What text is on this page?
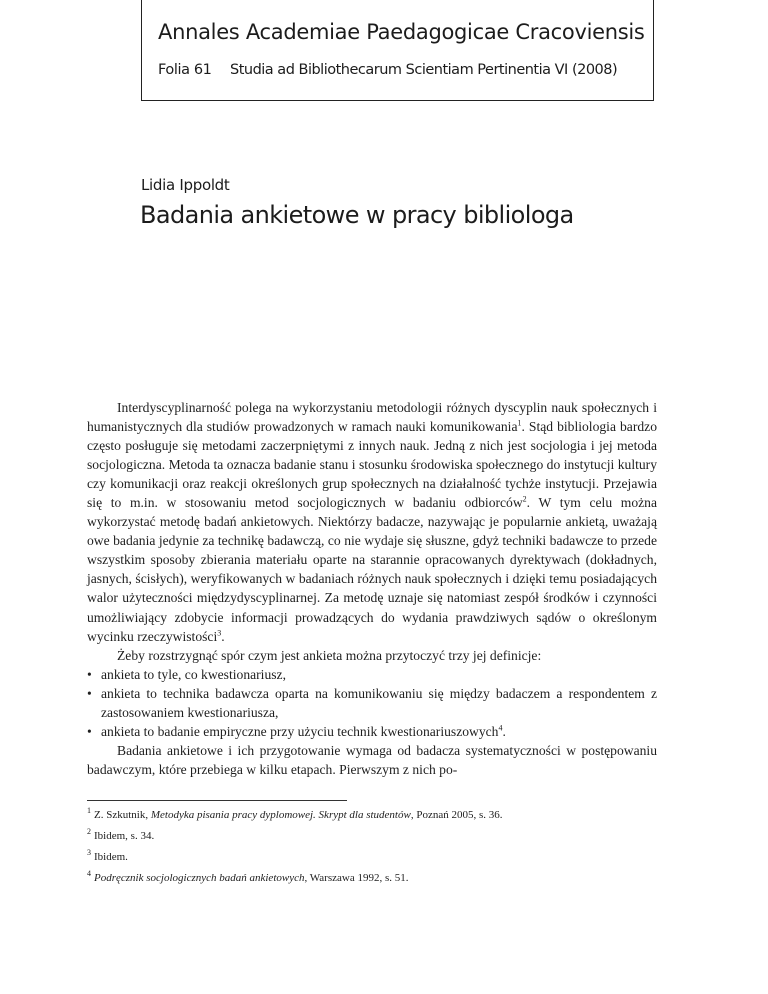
Annales Academiae Paedagogicae Cracoviensis
Folia 61 Studia ad Bibliothecarum Scientiam Pertinentia VI (2008)
Lidia Ippoldt
Badania ankietowe w pracy bibliologa

Interdyscyplinarność polega na wykorzystaniu metodologii różnych dyscyplin nauk społecznych i humanistycznych dla studiów prowadzonych w ramach nauki komunikowania$^1$. Stąd bibliologia bardzo często posługuje się metodami zaczerpniętymi z innych nauk. Jedną z nich jest socjologia i jej metoda socjologiczna. Metoda ta oznacza badanie stanu i stosunku środowiska społecznego do instytucji kultury czy komunikacji oraz reakcji określonych grup społecznych na działalność tychże instytucji. Przejawia się to m.in. w stosowaniu metod socjologicznych w badaniu odbiorców$^2$. W tym celu można wykorzystać metodę badań ankietowych. Niektórzy badacze, nazywając je popularnie ankietą, uważają owe badania jedynie za technikę badawczą, co nie wydaje się słuszne, gdyż techniki badawcze to przede wszystkim sposoby zbierania materiału oparte na starannie opracowanych dyrektywach (dokładnych, jasnych, ścisłych), weryfikowanych w badaniach różnych nauk społecznych i dzięki temu posiadających walor użyteczności międzydyscyplinarnej. Za metodę uznaje się natomiast zespół środków i czynności umożliwiający zdobycie informacji prowadzących do wydania prawdziwych sądów o określonym wycinku rzeczywistości$^3$.

Żeby rozstrzygnąć spór czym jest ankieta można przytoczyć trzy jej definicje:

• ankieta to tyle, co kwestionariusz,
• ankieta to technika badawcza oparta na komunikowaniu się między badaczem a respondentem z zastosowaniem kwestionariusza,
• ankieta to badanie empiryczne przy użyciu technik kwestionariuszowych$^4$.

Badania ankietowe i ich przygotowanie wymaga od badacza systematyczności w postępowaniu badawczym, które przebiega w kilku etapach. Pierwszym z nich po-

$^1$ Z. Szkutnik, Metodyka pisania pracy dyplomowej. Skrypt dla studentów, Poznań 2005, s. 36.
$^2$ Ibidem, s. 34.
$^3$ Ibidem.
$^4$ Podręcznik socjologicznych badań ankietowych, Warszawa 1992, s. 51.
